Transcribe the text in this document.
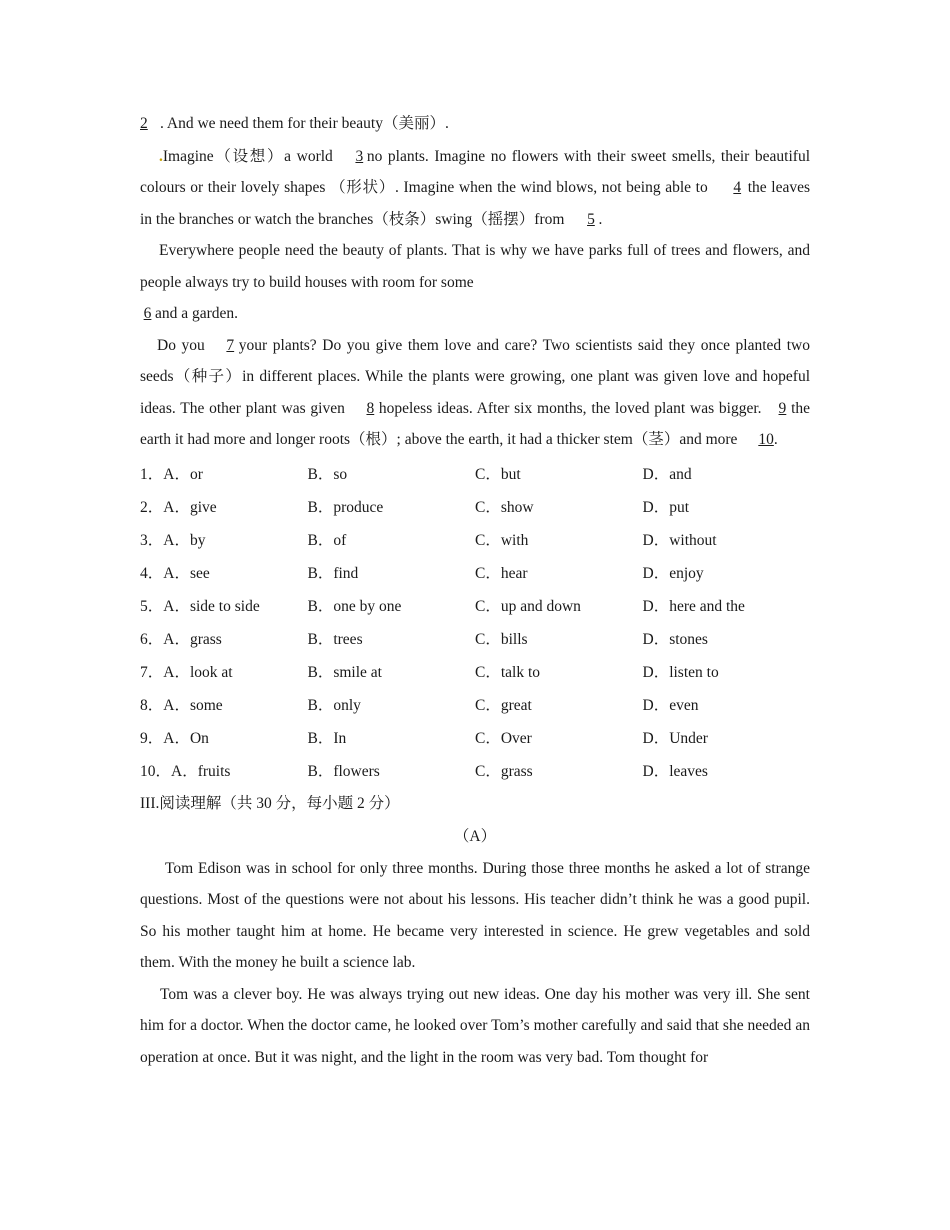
2 . And we need them for their beauty（美丽）.

.Imagine（设想）a world 3 no plants. Imagine no flowers with their sweet smells, their beautiful colours or their lovely shapes （形状）. Imagine when the wind blows, not being able to 4 the leaves in the branches or watch the branches（枝条）swing（摇摆）from 5 .

Everywhere people need the beauty of plants. That is why we have parks full of trees and flowers, and people always try to build houses with room for some
6 and a garden.

Do you 7 your plants? Do you give them love and care? Two scientists said they once planted two seeds（种子）in different places. While the plants were growing, one plant was given love and hopeful ideas. The other plant was given 8 hopeless ideas. After six months, the loved plant was bigger. 9 the earth it had more and longer roots（根）; above the earth, it had a thicker stem（茎）and more 10.

1．A．or	B．so	C．but	D．and
2．A．give	B．produce	C．show	D．put
3．A．by	B．of	C．with	D．without
4．A．see	B．find	C．hear	D．enjoy
5．A．side to side	B．one by one	C．up and down	D．here and the
6．A．grass	B．trees	C．bills	D．stones
7．A．look at	B．smile at	C．talk to	D．listen to
8．A．some	B．only	C．great	D．even
9．A．On	B．In	C．Over	D．Under
10．A．fruits	B．flowers	C．grass	D．leaves
III.阅读理解（共 30 分，每小题 2 分）
（A）

Tom Edison was in school for only three months. During those three months he asked a lot of strange questions. Most of the questions were not about his lessons. His teacher didn’t think he was a good pupil. So his mother taught him at home. He became very interested in science. He grew vegetables and sold them. With the money he built a science lab.

Tom was a clever boy. He was always trying out new ideas. One day his mother was very ill. She sent him for a doctor. When the doctor came, he looked over Tom’s mother carefully and said that she needed an operation at once. But it was night, and the light in the room was very bad. Tom thought for
